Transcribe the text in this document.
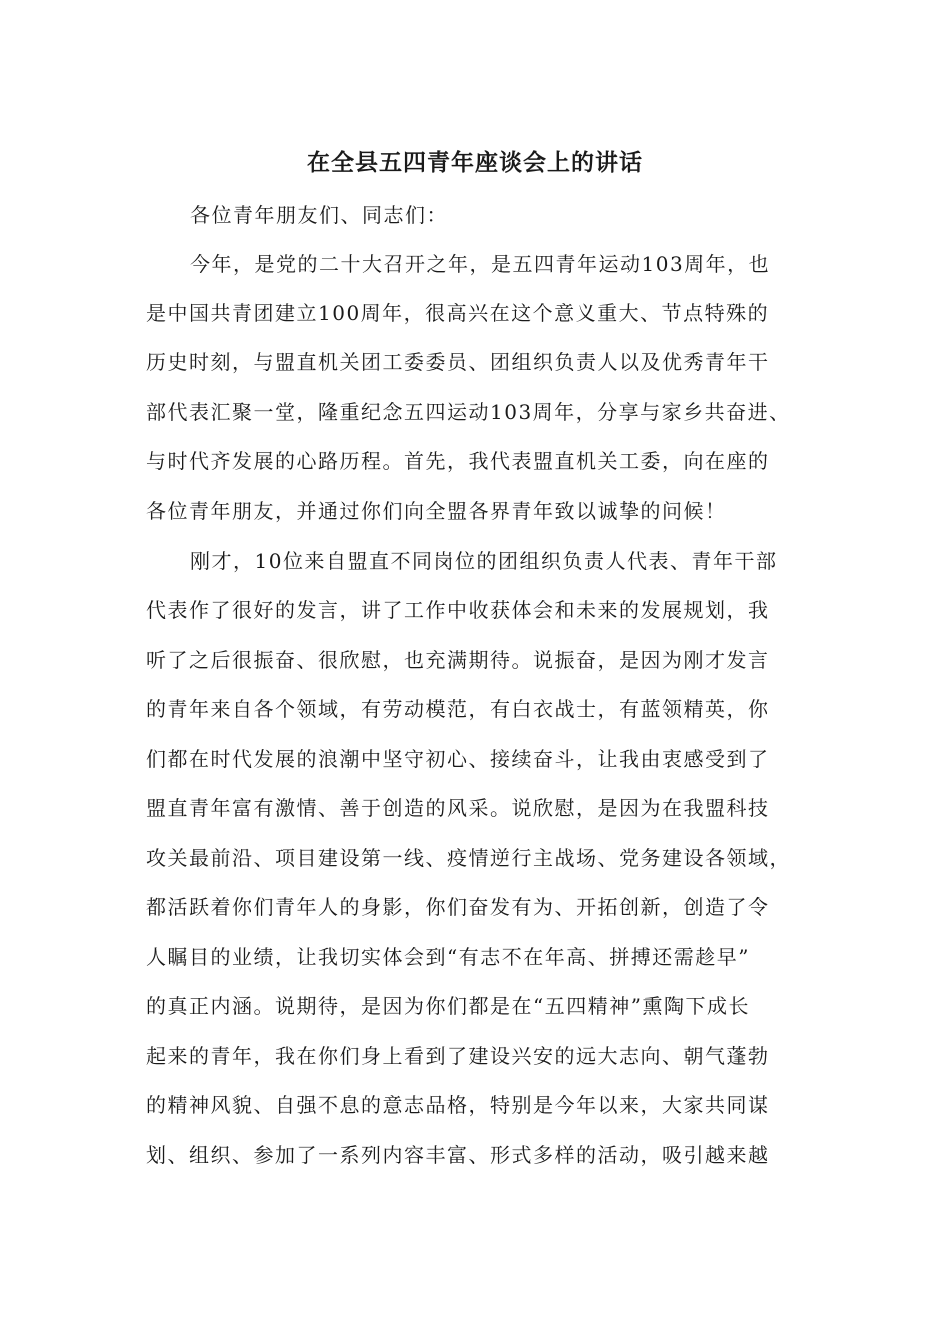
在全县五四青年座谈会上的讲话
各位青年朋友们、同志们：
今年，是党的二十大召开之年，是五四青年运动103周年，也
是中国共青团建立100周年，很高兴在这个意义重大、节点特殊的
历史时刻，与盟直机关团工委委员、团组织负责人以及优秀青年干
部代表汇聚一堂，隆重纪念五四运动103周年，分享与家乡共奋进、
与时代齐发展的心路历程。首先，我代表盟直机关工委，向在座的
各位青年朋友，并通过你们向全盟各界青年致以诚挚的问候！
刚才，10位来自盟直不同岗位的团组织负责人代表、青年干部
代表作了很好的发言，讲了工作中收获体会和未来的发展规划，我
听了之后很振奋、很欣慰，也充满期待。说振奋，是因为刚才发言
的青年来自各个领域，有劳动模范，有白衣战士，有蓝领精英，你
们都在时代发展的浪潮中坚守初心、接续奋斗，让我由衷感受到了
盟直青年富有激情、善于创造的风采。说欣慰，是因为在我盟科技
攻关最前沿、项目建设第一线、疫情逆行主战场、党务建设各领域，
都活跃着你们青年人的身影，你们奋发有为、开拓创新，创造了令
人瞩目的业绩，让我切实体会到“有志不在年高、拼搏还需趁早”
的真正内涵。说期待，是因为你们都是在“五四精神”熏陶下成长
起来的青年，我在你们身上看到了建设兴安的远大志向、朝气蓬勃
的精神风貌、自强不息的意志品格，特别是今年以来，大家共同谋
划、组织、参加了一系列内容丰富、形式多样的活动，吸引越来越
